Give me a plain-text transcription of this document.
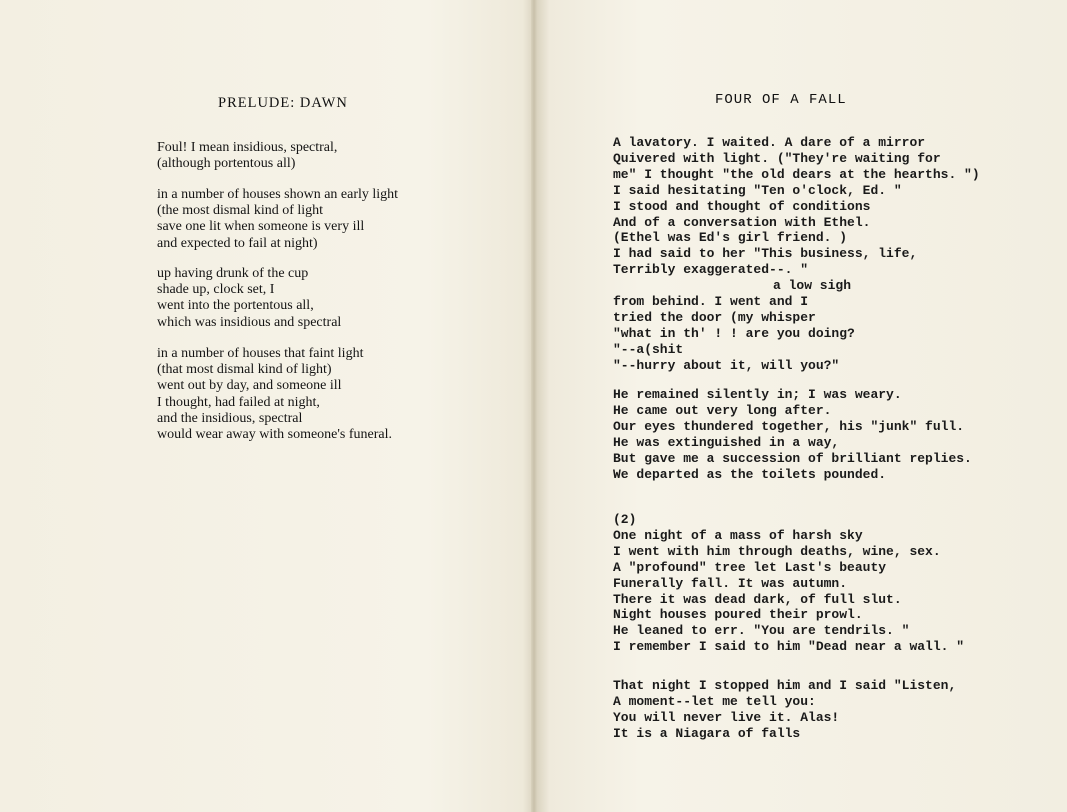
PRELUDE: DAWN

Foul! I mean insidious, spectral,
(although portentous all)

in a number of houses shown an early light
(the most dismal kind of light
save one lit when someone is very ill
and expected to fail at night)

up having drunk of the cup
shade up, clock set, I
went into the portentous all,
which was insidious and spectral

in a number of houses that faint light
(that most dismal kind of light)
went out by day, and someone ill
I thought, had failed at night,
and the insidious, spectral
would wear away with someone's funeral.

FOUR OF A FALL

A lavatory. I waited. A dare of a mirror
Quivered with light. ("They're waiting for
me" I thought "the old dears at the hearths. ")
I said hesitating "Ten o'clock, Ed. "
I stood and thought of conditions
And of a conversation with Ethel.
(Ethel was Ed's girl friend. )
I had said to her "This business, life,
Terribly exaggerated--. "
a low sigh
from behind. I went and I
tried the door (my whisper
"what in th' ! ! are you doing?
"--a(shit
"--hurry about it, will you?"

He remained silently in; I was weary.
He came out very long after.
Our eyes thundered together, his "junk" full.
He was extinguished in a way,
But gave me a succession of brilliant replies.
We departed as the toilets pounded.

(2)
One night of a mass of harsh sky
I went with him through deaths, wine, sex.
A "profound" tree let Last's beauty
Funerally fall. It was autumn.
There it was dead dark, of full slut.
Night houses poured their prowl.
He leaned to err. "You are tendrils. "
I remember I said to him "Dead near a wall. "

That night I stopped him and I said "Listen,
A moment--let me tell you:
You will never live it. Alas!
It is a Niagara of falls
